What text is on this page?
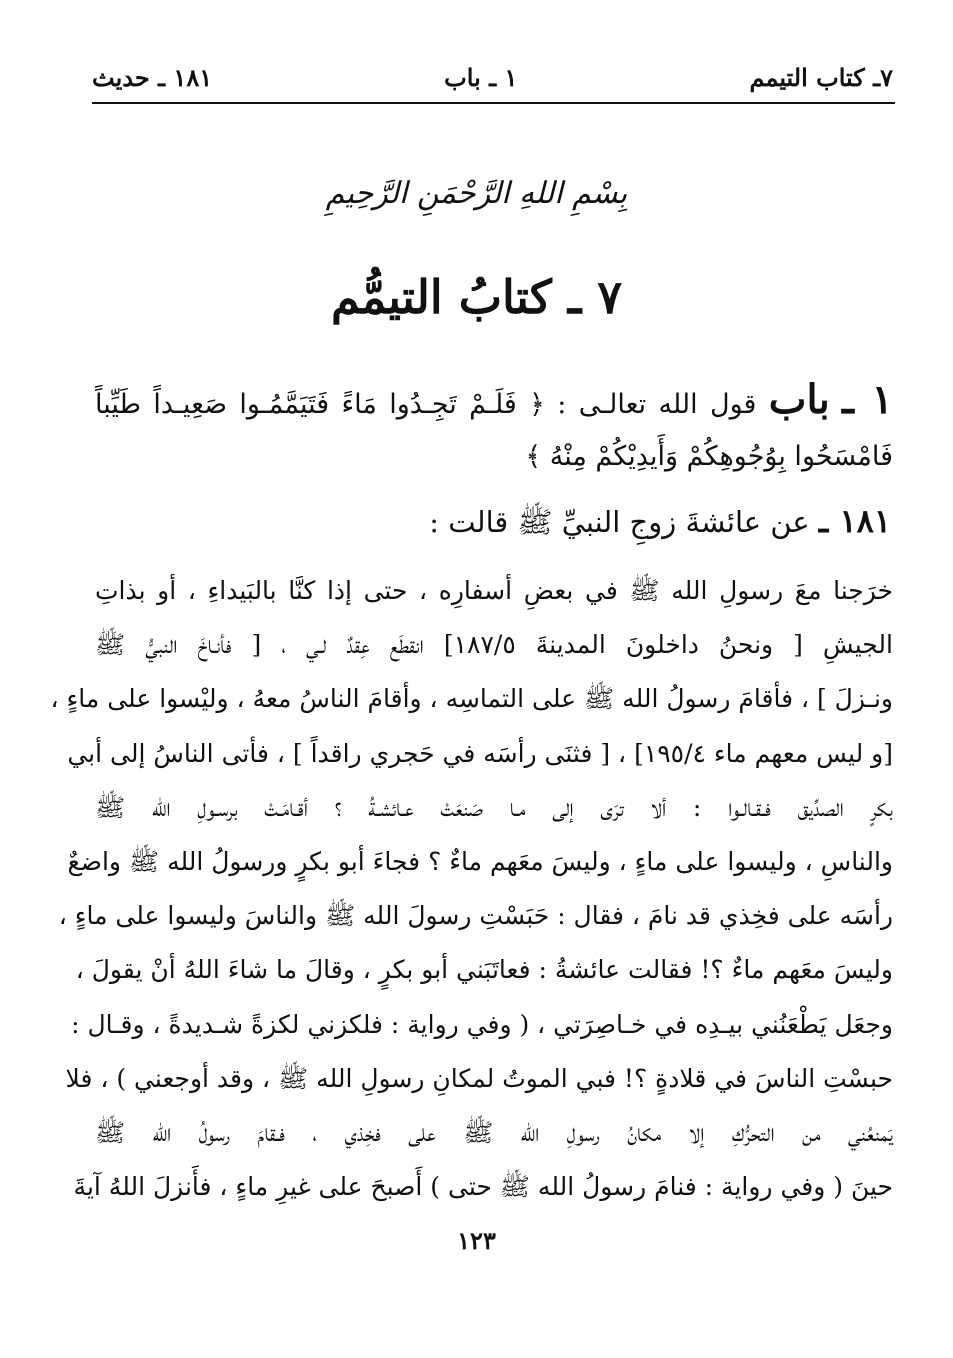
٧ـ كتاب التيمم
١ ـ باب
١٨١ ـ حديث
بِسْمِ اللهِ الرَّحْمَنِ الرَّحِيمِ
٧ ـ كتابُ التيمُّم
١ ـ باب قول الله تعالـى : ﴿ فَلَـمْ تَجِـدُوا مَاءً فَتَيَمَّمُـوا صَعِيـداً طَيِّباً فَامْسَحُوا بِوُجُوهِكُمْ وَأَيدِيْكُمْ مِنْهُ ﴾
١٨١ ـ عن عائشةَ زوجِ النبيِّ ﷺ قالت :
خرَجنا معَ رسولِ الله ﷺ في بعضِ أسفارِه ، حتى إذا كنَّا بالبَيداءِ ، أو بذاتِ
الجيشِ [ ونحنُ داخلونَ المدينةَ ١٨٧/٥] انقطَع عِقدٌ لـي ، [ فأنـاخَ النبيُّ ﷺ
ونـزلَ ] ، فأقامَ رسولُ الله ﷺ على التماسِه ، وأقامَ الناسُ معهُ ، وليْسوا على ماءٍ ،
[و ليس معهم ماء ١٩٥/٤] ، [ فثنَى رأسَه في حَجري راقداً ] ، فأتى الناسُ إلى أبي
بكرٍ الصدِّيق فـقـالـوا : ألا ترَى إلى مـا صَنعَتْ عـائشـةُ ؟ أقـامَـتْ برسـولِ الله ﷺ
والناسِ ، وليسوا على ماءٍ ، وليسَ معَهم ماءٌ ؟ فجاءَ أبو بكرٍ ورسولُ الله ﷺ واضعٌ
رأسَه على فخِذي قد نامَ ، فقال : حَبَسْتِ رسولَ الله ﷺ والناسَ وليسوا على ماءٍ ،
وليسَ معَهم ماءٌ ؟! فقالت عائشةُ : فعاتَبَني أبو بكرٍ ، وقالَ ما شاءَ اللهُ أنْ يقولَ ،
وجعَل يَطْعَنُني بيـدِه في خـاصِرَتي ، ( وفي رواية : فلكزني لكزةً شـديدةً ، وقـال :
حبسْتِ الناسَ في قلادةٍ ؟! فبي الموتُ لمكانِ رسولِ الله ﷺ ، وقد أوجعني ) ، فلا
يَمنعُني من التحرُّكِ إلا مكانُ رسولِ الله ﷺ على فخِذي ، فـقامَ رسولُ الله ﷺ
حينَ ( وفي رواية : فنامَ رسولُ الله ﷺ حتى ) أَصبحَ على غيرِ ماءٍ ، فأَنزلَ اللهُ آيةَ
١٢٣
